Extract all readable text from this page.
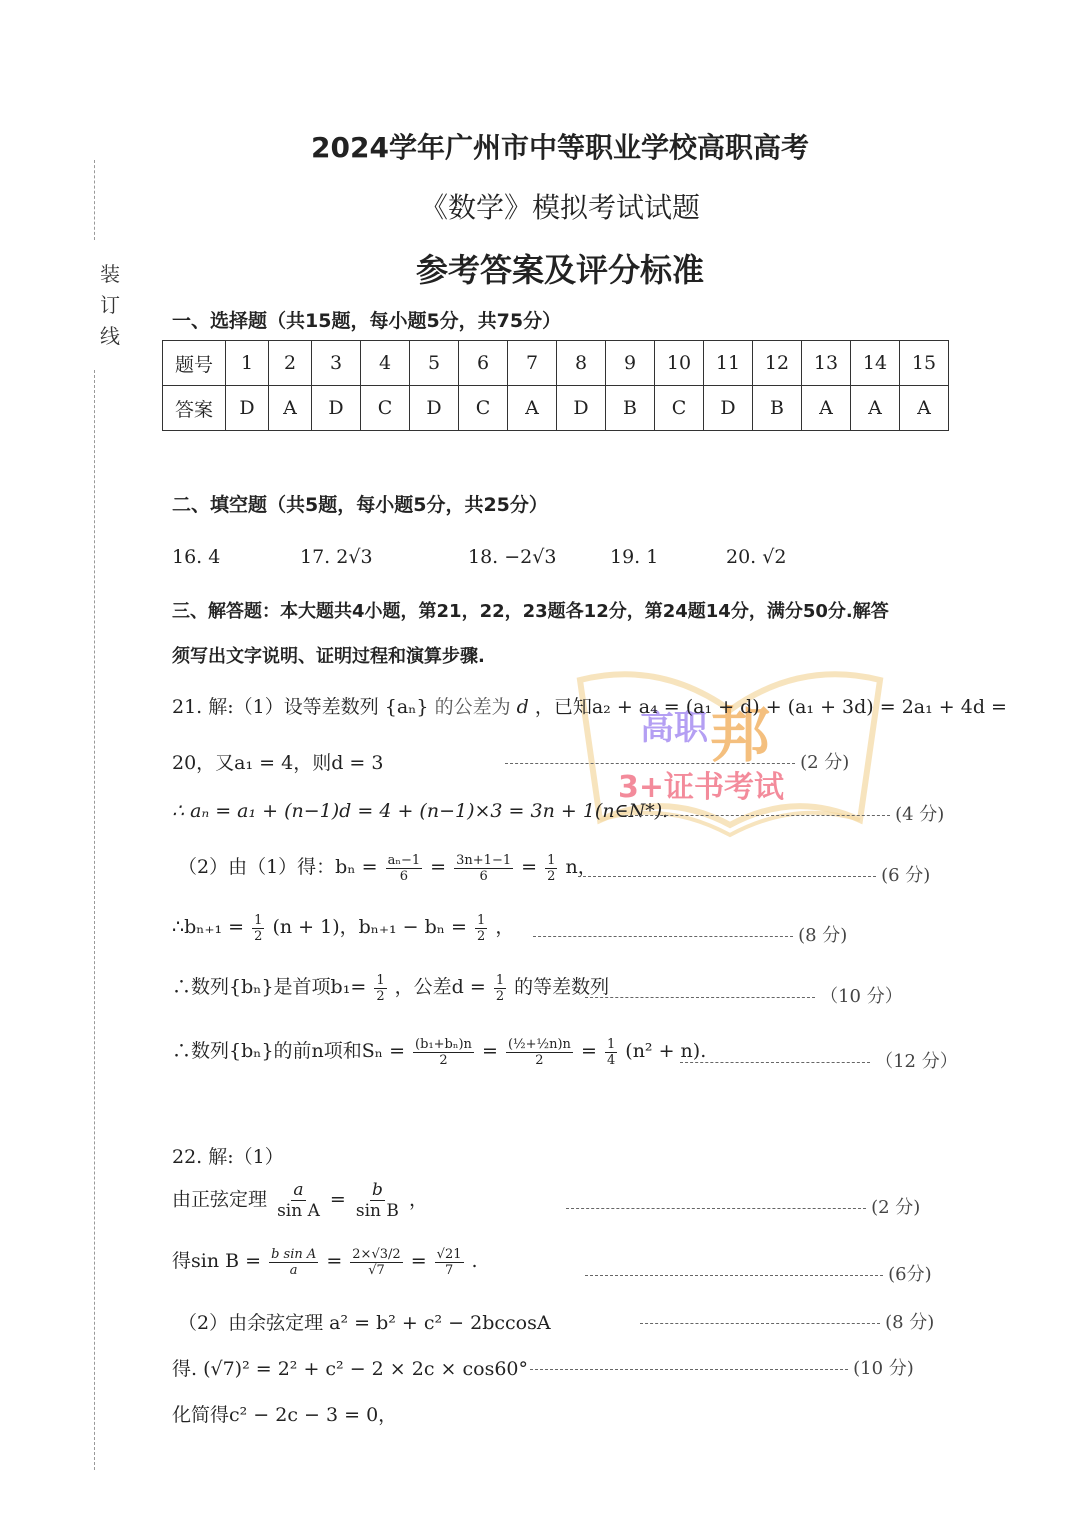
装
订
线
2024学年广州市中等职业学校高职高考
《数学》模拟考试试题
参考答案及评分标准
一、选择题（共15题，每小题5分，共75分）
题号	1	2	3	4	5	6	7	8	9	10	11	12	13	14	15
答案	D	A	D	C	D	C	A	D	B	C	D	B	A	A	A
二、填空题（共5题，每小题5分，共25分）
16. 4	17. 2√3	18. −2√3	19. 1	20. √2
三、解答题：本大题共4小题，第21，22，23题各12分，第24题14分，满分50分.解答
须写出文字说明、证明过程和演算步骤.
邦
高职
3+证书考试
21. 解:（1）设等差数列 {aₙ} 的公差为 d ，已知a₂ + a₄ = (a₁ + d) + (a₁ + 3d) = 2a₁ + 4d =
20，又a₁ = 4，则d = 3	(2 分)
∴ aₙ = a₁ + (n−1)d = 4 + (n−1)×3 = 3n + 1(n∈N*).	(4 分)
（2）由（1）得：$b_n = \frac{\text{aₙ−1}}{6} = \frac{3n+1-1}{6} = \frac{1}{2}$ n，	(6 分)
∴bₙ₊₁ = $\frac{1}{2} (n + 1)$，$b_{n+1} - b_n = \frac{1}{2}$ ，	(8 分)
∴数列{bₙ}是首项$b_1= \frac{1}{2}$ ，公差$d = \frac{1}{2}$ 的等差数列	（10 分）
∴数列{bₙ}的前n项和$S_n = \frac{\text{(b₁+bₙ)n}}{2} = \frac{\text{(½+½n)n}}{2} = \frac{1}{4} (n^2 + n)$.	（12 分）
22. 解:（1）
由正弦定理 $\frac{a}{\text{sin A}} = \frac{b}{\text{sin B}}$ ，	(2 分)
得$\sin B = \frac{\text{b sin A}}{a} = \frac{2\times√3/2}{√7} = \frac{√21}{7}$ .
(6分)
（2）由余弦定理 a² = b² + c² − 2bccosA	(8 分)
得. (√7)² = 2² + c² − 2 × 2c × cos60°	(10 分)
化简得c² − 2c − 3 = 0，
